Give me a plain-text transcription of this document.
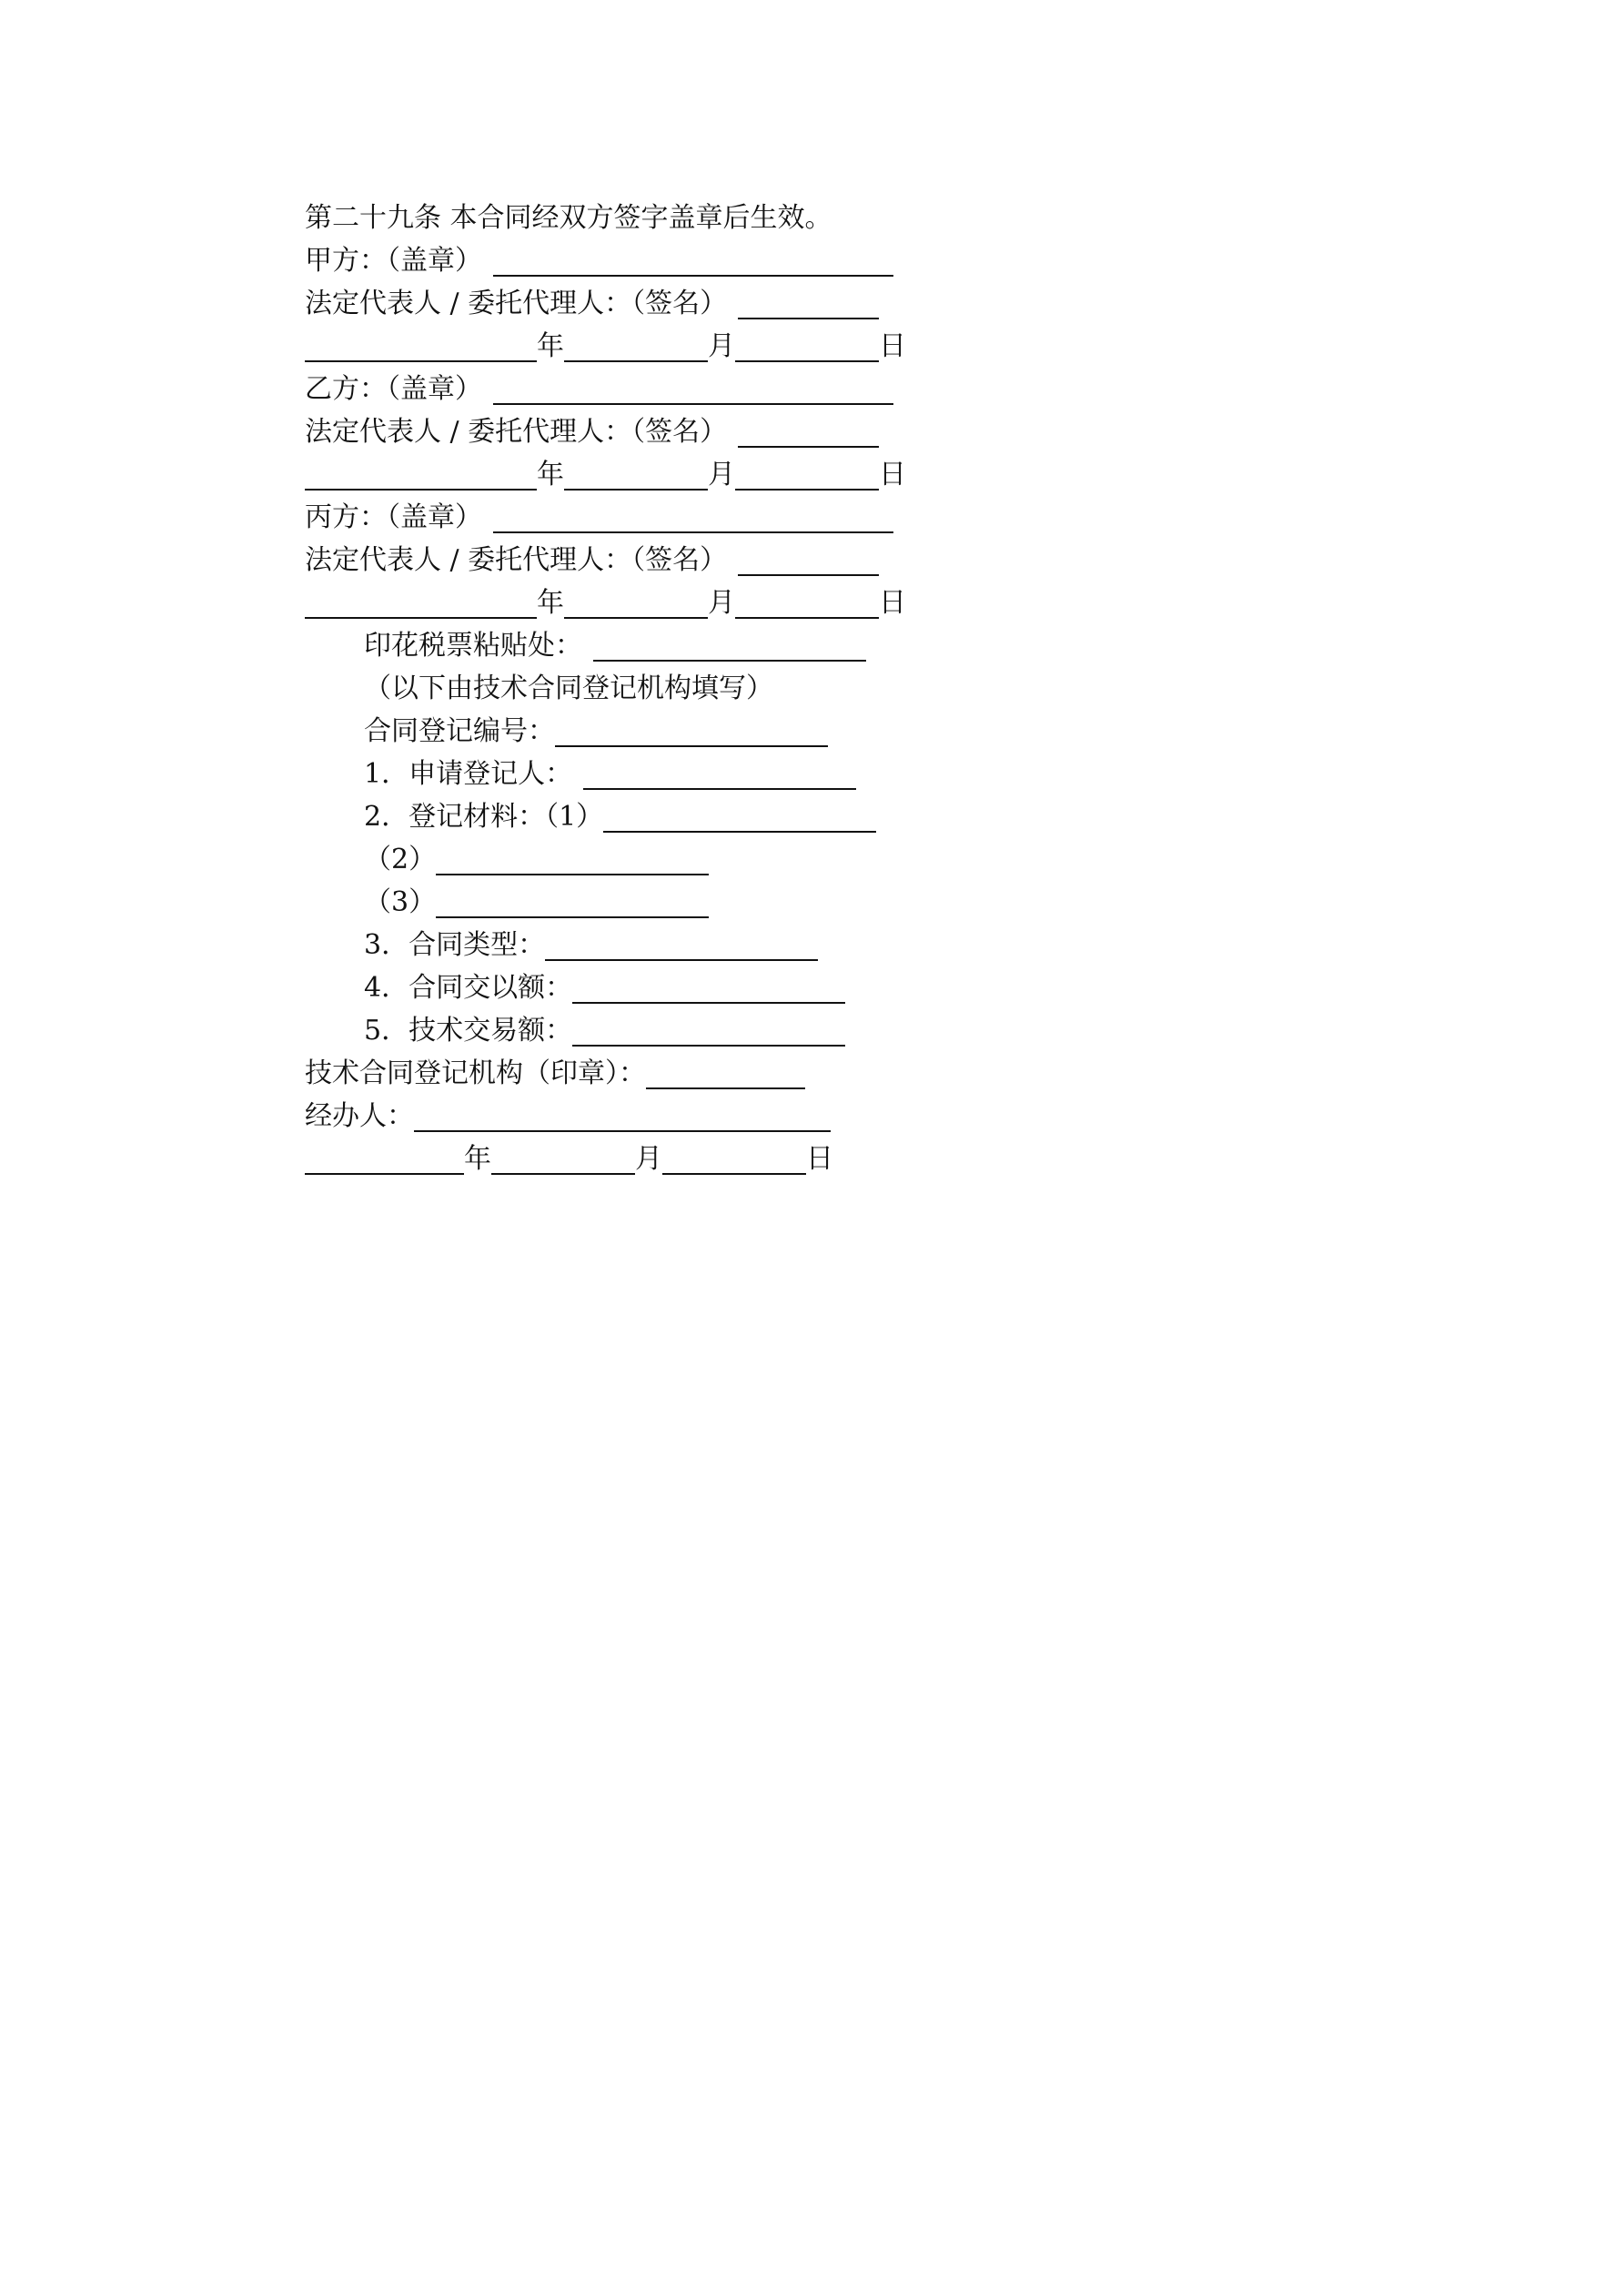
第二十九条 本合同经双方签字盖章后生效。
甲方：（盖章）
法定代表人 / 委托代理人：（签名）
年	月	日
乙方：（盖章）
法定代表人 / 委托代理人：（签名）
年	月	日
丙方：（盖章）
法定代表人 / 委托代理人：（签名）
年	月	日
印花税票粘贴处：
（以下由技术合同登记机构填写）
合同登记编号：
1．申请登记人：
2．登记材料：（1）
（2）
（3）
3．合同类型：
4．合同交以额：
5．技术交易额：
技术合同登记机构（印章）：
经办人：
年	月	日
